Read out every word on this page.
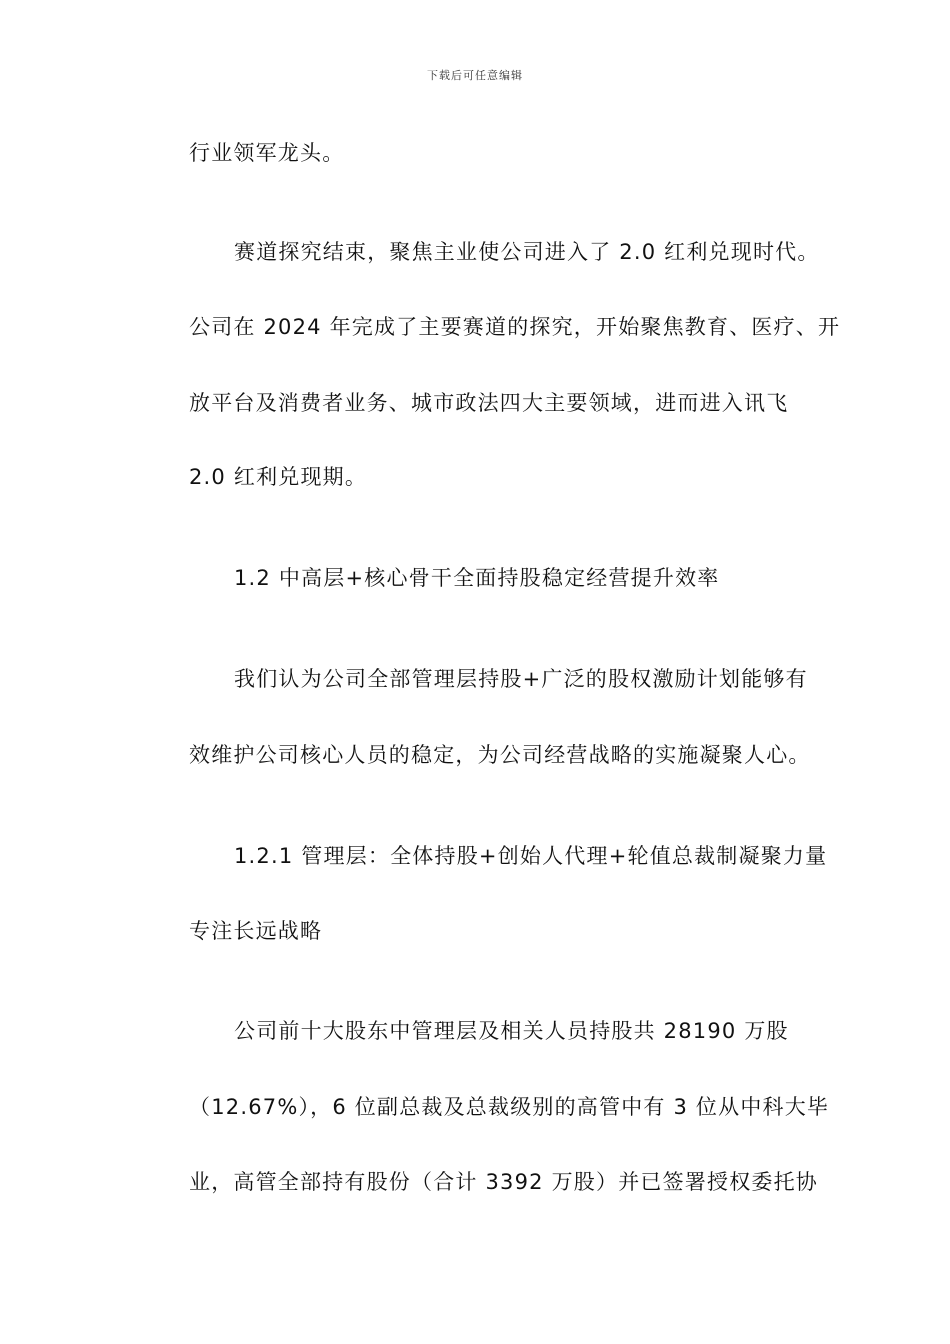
下载后可任意编辑
行业领军龙头。
赛道探究结束，聚焦主业使公司进入了 2.0 红利兑现时代。
公司在 2024 年完成了主要赛道的探究，开始聚焦教育、医疗、开
放平台及消费者业务、城市政法四大主要领域，进而进入讯飞
2.0 红利兑现期。
1.2 中高层+核心骨干全面持股稳定经营提升效率
我们认为公司全部管理层持股+广泛的股权激励计划能够有
效维护公司核心人员的稳定，为公司经营战略的实施凝聚人心。
1.2.1 管理层：全体持股+创始人代理+轮值总裁制凝聚力量
专注长远战略
公司前十大股东中管理层及相关人员持股共 28190 万股
（12.67%），6 位副总裁及总裁级别的高管中有 3 位从中科大毕
业，高管全部持有股份（合计 3392 万股）并已签署授权委托协
